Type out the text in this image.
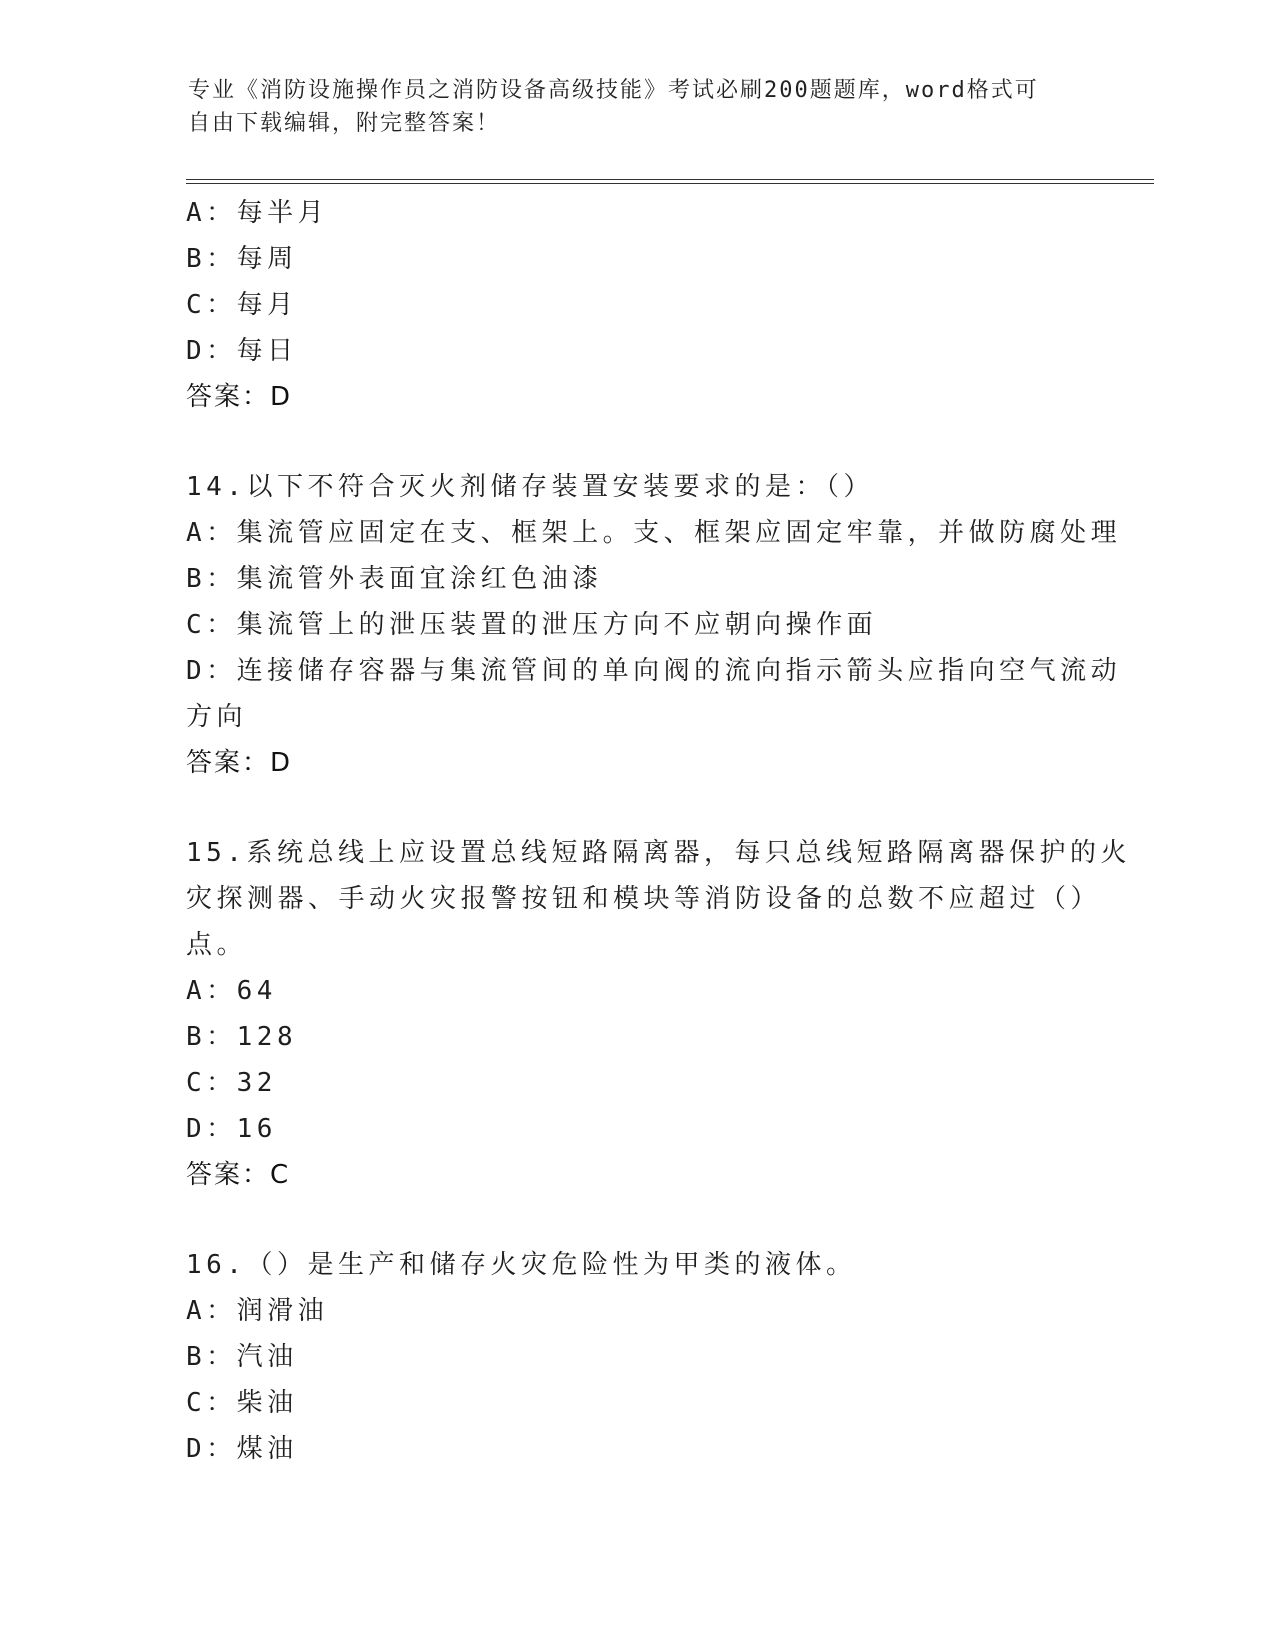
专业《消防设施操作员之消防设备高级技能》考试必刷200题题库，word格式可
自由下载编辑，附完整答案！
A：每半月
B：每周
C：每月
D：每日
答案：D
14.以下不符合灭火剂储存装置安装要求的是：（）
A：集流管应固定在支、框架上。支、框架应固定牢靠，并做防腐处理
B：集流管外表面宜涂红色油漆
C：集流管上的泄压装置的泄压方向不应朝向操作面
D：连接储存容器与集流管间的单向阀的流向指示箭头应指向空气流动
方向
答案：D
15.系统总线上应设置总线短路隔离器，每只总线短路隔离器保护的火
灾探测器、手动火灾报警按钮和模块等消防设备的总数不应超过（）
点。
A：64
B：128
C：32
D：16
答案：C
16.（）是生产和储存火灾危险性为甲类的液体。
A：润滑油
B：汽油
C：柴油
D：煤油
